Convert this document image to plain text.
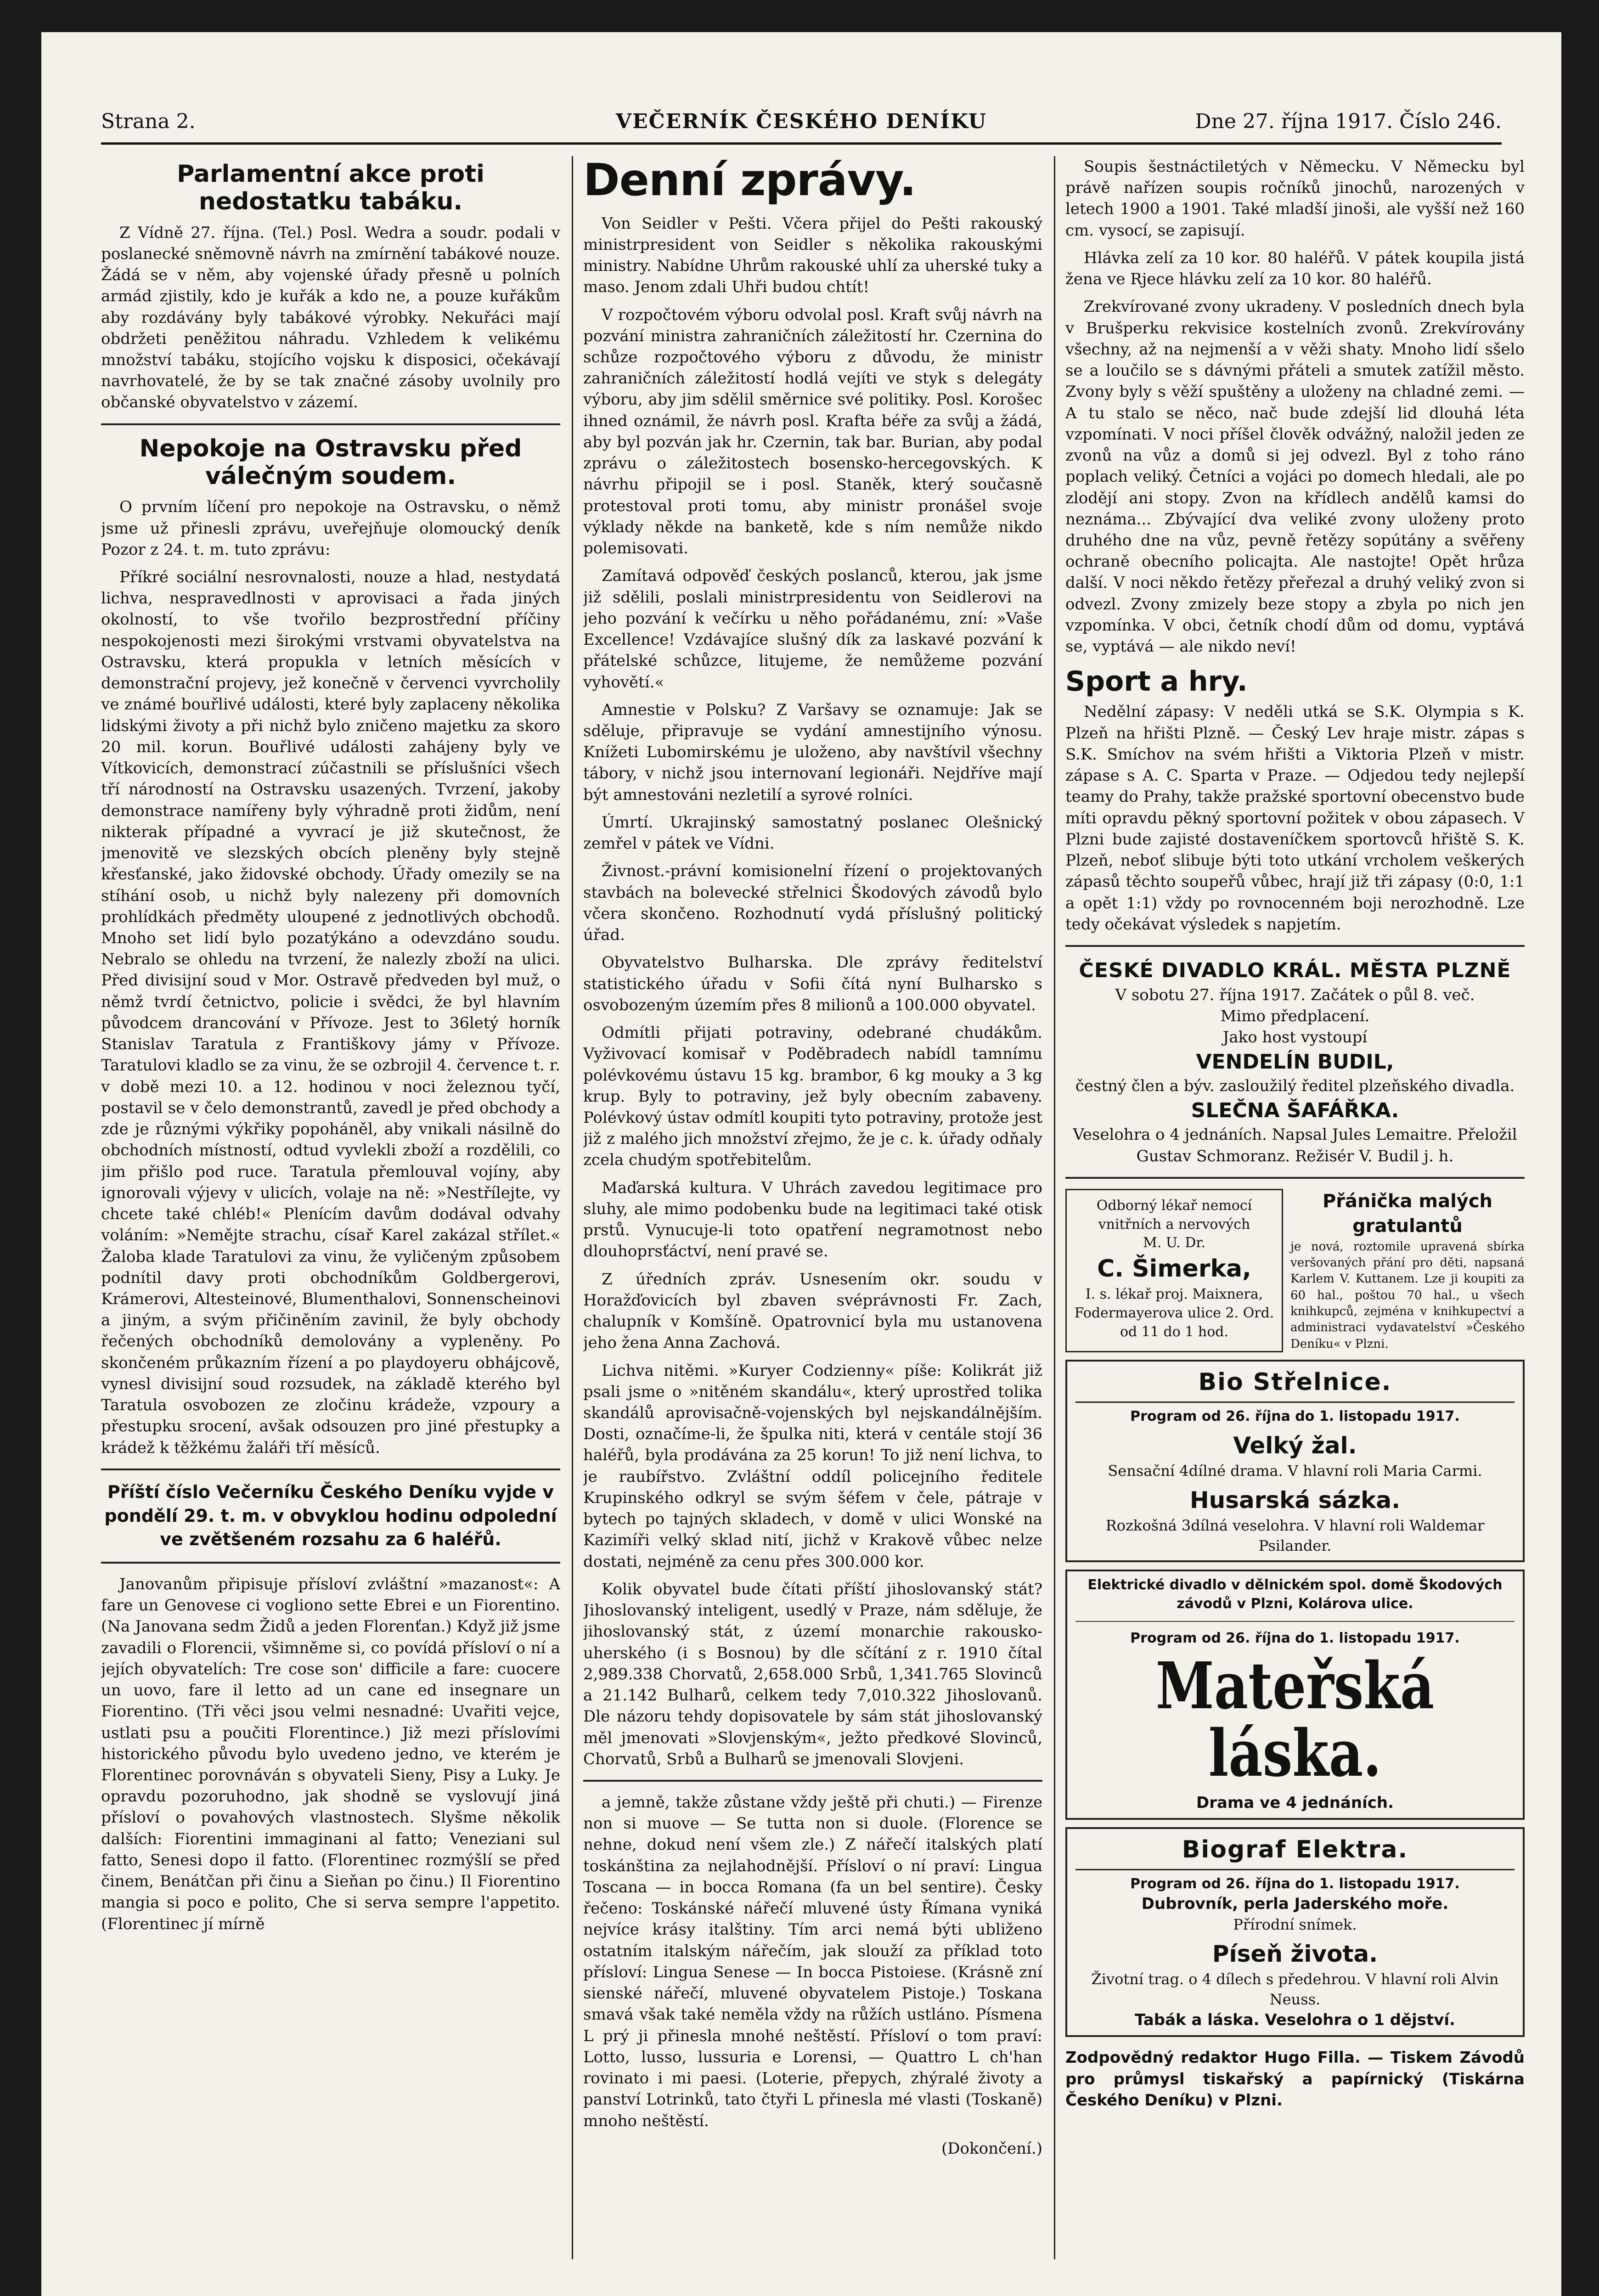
Strana 2.	VEČERNÍK ČESKÉHO DENÍKU	Dne 27. října 1917. Číslo 246.
Parlamentní akce proti nedostatku tabáku.

Z Vídně 27. října. (Tel.) Posl. Wedra a soudr. podali v poslanecké sněmovně návrh na zmírnění tabákové nouze. Žádá se v něm, aby vojenské úřady přesně u polních armád zjistily, kdo je kuřák a kdo ne, a pouze kuřákům aby rozdávány byly tabákové výrobky. Nekuřáci mají obdržeti peněžitou náhradu. Vzhledem k velikému množství tabáku, stojícího vojsku k disposici, očekávají navrhovatelé, že by se tak značné zásoby uvolnily pro občanské obyvatelstvo v zázemí.

Nepokoje na Ostravsku před válečným soudem.

O prvním líčení pro nepokoje na Ostravsku, o němž jsme už přinesli zprávu, uveřejňuje olomoucký deník Pozor z 24. t. m. tuto zprávu:

Příkré sociální nesrovnalosti, nouze a hlad, nestydatá lichva, nespravedlnosti v aprovisaci a řada jiných okolností, to vše tvořilo bezprostřední příčiny nespokojenosti mezi širokými vrstvami obyvatelstva na Ostravsku, která propukla v letních měsících v demonstrační projevy, jež konečně v červenci vyvrcholily ve známé bouřlivé události, které byly zaplaceny několika lidskými životy a při nichž bylo zničeno majetku za skoro 20 mil. korun. Bouřlivé události zahájeny byly ve Vítkovicích, demonstrací zúčastnili se příslušníci všech tří národností na Ostravsku usazených. Tvrzení, jakoby demonstrace namířeny byly výhradně proti židům, není nikterak případné a vyvrací je již skutečnost, že jmenovitě ve slezských obcích pleněny byly stejně křesťanské, jako židovské obchody. Úřady omezily se na stíhání osob, u nichž byly nalezeny při domovních prohlídkách předměty uloupené z jednotlivých obchodů. Mnoho set lidí bylo pozatýkáno a odevzdáno soudu. Nebralo se ohledu na tvrzení, že nalezly zboží na ulici. Před divisijní soud v Mor. Ostravě předveden byl muž, o němž tvrdí četnictvo, policie i svědci, že byl hlavním původcem drancování v Přívoze. Jest to 36letý horník Stanislav Taratula z Františkovy jámy v Přívoze. Taratulovi kladlo se za vinu, že se ozbrojil 4. července t. r. v době mezi 10. a 12. hodinou v noci železnou tyčí, postavil se v čelo demonstrantů, zavedl je před obchody a zde je různými výkřiky popoháněl, aby vnikali násilně do obchodních místností, odtud vyvlekli zboží a rozdělili, co jim přišlo pod ruce. Taratula přemlouval vojíny, aby ignorovali výjevy v ulicích, volaje na ně: »Nestřílejte, vy chcete také chléb!« Plenícím davům dodával odvahy voláním: »Nemějte strachu, císař Karel zakázal střílet.« Žaloba klade Taratulovi za vinu, že vyličeným způsobem podnítil davy proti obchodníkům Goldbergerovi, Krámerovi, Altesteinové, Blumenthalovi, Sonnenscheinovi a jiným, a svým přičiněním zavinil, že byly obchody řečených obchodníků demolovány a vypleněny. Po skončeném průkazním řízení a po playdoyeru obhájcově, vynesl divisijní soud rozsudek, na základě kterého byl Taratula osvobozen ze zločinu krádeže, vzpoury a přestupku srocení, avšak odsouzen pro jiné přestupky a krádež k těžkému žaláři tří měsíců.

Příští číslo Večerníku Českého Deníku vyjde v pondělí 29. t. m. v obvyklou hodinu odpolední ve zvětšeném rozsahu za 6 haléřů.

Janovanům připisuje přísloví zvláštní »mazanost«: A fare un Genovese ci vogliono sette Ebrei e un Fiorentino. (Na Janovana sedm Židů a jeden Florenťan.) Když již jsme zavadili o Florencii, všimněme si, co povídá přísloví o ní a jejích obyvatelích: Tre cose son' difficile a fare: cuocere un uovo, fare il letto ad un cane ed insegnare un Fiorentino. (Tři věci jsou velmi nesnadné: Uvařiti vejce, ustlati psu a poučiti Florentince.) Již mezi příslovími historického původu bylo uvedeno jedno, ve kterém je Florentinec porovnáván s obyvateli Sieny, Pisy a Luky. Je opravdu pozoruhodno, jak shodně se vyslovují jiná přísloví o povahových vlastnostech. Slyšme několik dalších: Fiorentini immaginani al fatto; Veneziani sul fatto, Senesi dopo il fatto. (Florentinec rozmýšlí se před činem, Benátčan při činu a Sieňan po činu.) Il Fiorentino mangia si poco e polito, Che si serva sempre l'appetito. (Florentinec jí mírně

Denní zprávy.

Von Seidler v Pešti. Včera přijel do Pešti rakouský ministrpresident von Seidler s několika rakouskými ministry. Nabídne Uhrům rakouské uhlí za uherské tuky a maso. Jenom zdali Uhři budou chtít!

V rozpočtovém výboru odvolal posl. Kraft svůj návrh na pozvání ministra zahraničních záležitostí hr. Czernina do schůze rozpočtového výboru z důvodu, že ministr zahraničních záležitostí hodlá vejíti ve styk s delegáty výboru, aby jim sdělil směrnice své politiky. Posl. Korošec ihned oznámil, že návrh posl. Krafta béře za svůj a žádá, aby byl pozván jak hr. Czernin, tak bar. Burian, aby podal zprávu o záležitostech bosensko-hercegovských. K návrhu připojil se i posl. Staněk, který současně protestoval proti tomu, aby ministr pronášel svoje výklady někde na banketě, kde s ním nemůže nikdo polemisovati.

Zamítavá odpověď českých poslanců, kterou, jak jsme již sdělili, poslali ministrpresidentu von Seidlerovi na jeho pozvání k večírku u něho pořádanému, zní: »Vaše Excellence! Vzdávajíce slušný dík za laskavé pozvání k přátelské schůzce, litujeme, že nemůžeme pozvání vyhovětí.«

Amnestie v Polsku? Z Varšavy se oznamuje: Jak se sděluje, připravuje se vydání amnestijního výnosu. Knížeti Lubomirskému je uloženo, aby navštívil všechny tábory, v nichž jsou internovaní legionáři. Nejdříve mají být amnestováni nezletilí a syrové rolníci.

Úmrtí. Ukrajinský samostatný poslanec Olešnický zemřel v pátek ve Vídni.

Živnost.-právní komisionelní řízení o projektovaných stavbách na bolevecké střelnici Škodových závodů bylo včera skončeno. Rozhodnutí vydá příslušný politický úřad.

Obyvatelstvo Bulharska. Dle zprávy ředitelství statistického úřadu v Sofii čítá nyní Bulharsko s osvobozeným územím přes 8 milionů a 100.000 obyvatel.

Odmítli přijati potraviny, odebrané chudákům. Vyživovací komisař v Poděbradech nabídl tamnímu polévkovému ústavu 15 kg. brambor, 6 kg mouky a 3 kg krup. Byly to potraviny, jež byly obecním zabaveny. Polévkový ústav odmítl koupiti tyto potraviny, protože jest již z malého jich množství zřejmo, že je c. k. úřady odňaly zcela chudým spotřebitelům.

Maďarská kultura. V Uhrách zavedou legitimace pro sluhy, ale mimo podobenku bude na legitimaci také otisk prstů. Vynucuje-li toto opatření negramotnost nebo dlouhoprsťáctví, není pravé se.

Z úředních zpráv. Usnesením okr. soudu v Horažďovicích byl zbaven svéprávnosti Fr. Zach, chalupník v Komšíně. Opatrovnicí byla mu ustanovena jeho žena Anna Zachová.

Lichva nitěmi. »Kuryer Codzienny« píše: Kolikrát již psali jsme o »nitěném skandálu«, který uprostřed tolika skandálů aprovisačně-vojenských byl nejskandálnějším. Dosti, označíme-li, že špulka niti, která v centále stojí 36 haléřů, byla prodávána za 25 korun! To již není lichva, to je raubířstvo. Zvláštní oddíl policejního ředitele Krupinského odkryl se svým šéfem v čele, pátraje v bytech po tajných skladech, v domě v ulici Wonské na Kazimíři velký sklad nití, jichž v Krakově vůbec nelze dostati, nejméně za cenu přes 300.000 kor.

Kolik obyvatel bude čítati příští jihoslovanský stát? Jihoslovanský inteligent, usedlý v Praze, nám sděluje, že jihoslovanský stát, z území monarchie rakousko-uherského (i s Bosnou) by dle sčítání z r. 1910 čítal 2,989.338 Chorvatů, 2,658.000 Srbů, 1,341.765 Slovinců a 21.142 Bulharů, celkem tedy 7,010.322 Jihoslovanů. Dle názoru tehdy dopisovatele by sám stát jihoslovanský měl jmenovati »Slovjenským«, ježto předkové Slovinců, Chorvatů, Srbů a Bulharů se jmenovali Slovjeni.

a jemně, takže zůstane vždy ještě při chuti.) — Firenze non si muove — Se tutta non si duole. (Florence se nehne, dokud není všem zle.) Z nářečí italských platí toskánština za nejlahodnější. Přísloví o ní praví: Lingua Toscana — in bocca Romana (fa un bel sentire). Česky řečeno: Toskánské nářečí mluvené ústy Římana vyniká nejvíce krásy italštiny. Tím arci nemá býti ubliženo ostatním italským nářečím, jak slouží za příklad toto přísloví: Lingua Senese — In bocca Pistoiese. (Krásně zní sienské nářečí, mluvené obyvatelem Pistoje.) Toskana smavá však také neměla vždy na růžích ustláno. Písmena L prý ji přinesla mnohé neštěstí. Přísloví o tom praví: Lotto, lusso, lussuria e Lorensi, — Quattro L ch'han rovinato i mi paesi. (Loterie, přepych, zhýralé životy a panství Lotrinků, tato čtyři L přinesla mé vlasti (Toskaně) mnoho neštěstí.

(Dokončení.)

Soupis šestnáctiletých v Německu. V Německu byl právě nařízen soupis ročníků jinochů, narozených v letech 1900 a 1901. Také mladší jinoši, ale vyšší než 160 cm. vysocí, se zapisují.

Hlávka zelí za 10 kor. 80 haléřů. V pátek koupila jistá žena ve Rjece hlávku zelí za 10 kor. 80 haléřů.

Zrekvírované zvony ukradeny. V posledních dnech byla v Brušperku rekvisice kostelních zvonů. Zrekvírovány všechny, až na nejmenší a v věži shaty. Mnoho lidí sšelo se a loučilo se s dávnými přáteli a smutek zatížil město. Zvony byly s věží spuštěny a uloženy na chladné zemi. — A tu stalo se něco, nač bude zdejší lid dlouhá léta vzpomínati. V noci příšel člověk odvážný, naložil jeden ze zvonů na vůz a domů si jej odvezl. Byl z toho ráno poplach veliký. Četníci a vojáci po domech hledali, ale po zlodějí ani stopy. Zvon na křídlech andělů kamsi do neznáma... Zbývající dva veliké zvony uloženy proto druhého dne na vůz, pevně řetězy sopútány a svěřeny ochraně obecního policajta. Ale nastojte! Opět hrůza další. V noci někdo řetězy přeřezal a druhý veliký zvon si odvezl. Zvony zmizely beze stopy a zbyla po nich jen vzpomínka. V obci, četník chodí dům od domu, vyptává se, vyptává — ale nikdo neví!

Sport a hry.

Nedělní zápasy: V neděli utká se S.K. Olympia s K. Plzeň na hřišti Plzně. — Český Lev hraje mistr. zápas s S.K. Smíchov na svém hřišti a Viktoria Plzeň v mistr. zápase s A. C. Sparta v Praze. — Odjedou tedy nejlepší teamy do Prahy, takže pražské sportovní obecenstvo bude míti opravdu pěkný sportovní požitek v obou zápasech. V Plzni bude zajisté dostaveníčkem sportovců hřiště S. K. Plzeň, neboť slibuje býti toto utkání vrcholem veškerých zápasů těchto soupeřů vůbec, hrají již tři zápasy (0:0, 1:1 a opět 1:1) vždy po rovnocenném boji nerozhodně. Lze tedy očekávat výsledek s napjetím.

ČESKÉ DIVADLO KRÁL. MĚSTA PLZNĚ
V sobotu 27. října 1917. Začátek o půl 8. več.
Mimo předplacení.
Jako host vystoupí
VENDELÍN BUDIL,
čestný člen a býv. zasloužilý ředitel plzeňského divadla.
SLEČNA ŠAFÁŘKA.
Veselohra o 4 jednáních. Napsal Jules Lemaitre. Přeložil Gustav Schmoranz. Režisér V. Budil j. h.
Odborný lékař nemocí vnitřních a nervových
M. U. Dr.
C. Šimerka,
I. s. lékař proj. Maixnera, Fodermayerova ulice 2. Ord. od 11 do 1 hod.
Přánička malých gratulantů
je nová, roztomile upravená sbírka veršovaných přání pro děti, napsaná Karlem V. Kuttanem. Lze ji koupiti za 60 hal., poštou 70 hal., u všech knihkupců, zejména v knihkupectví a administraci vydavatelství »Českého Deníku« v Plzni.
Bio Střelnice.
Program od 26. října do 1. listopadu 1917.
Velký žal.
Sensační 4dílné drama. V hlavní roli Maria Carmi.
Husarská sázka.
Rozkošná 3dílná veselohra. V hlavní roli Waldemar Psilander.
Elektrické divadlo v dělnickém spol. domě Škodových závodů v Plzni, Kolárova ulice.
Program od 26. října do 1. listopadu 1917.
Mateřská láska.
Drama ve 4 jednáních.
Biograf Elektra.
Program od 26. října do 1. listopadu 1917.
Dubrovník, perla Jaderského moře.
Přírodní snímek.
Píseň života.
Životní trag. o 4 dílech s předehrou. V hlavní roli Alvin Neuss.
Tabák a láska. Veselohra o 1 dějství.
Zodpovědný redaktor Hugo Filla. — Tiskem Závodů pro průmysl tiskařský a papírnický (Tiskárna Českého Deníku) v Plzni.
